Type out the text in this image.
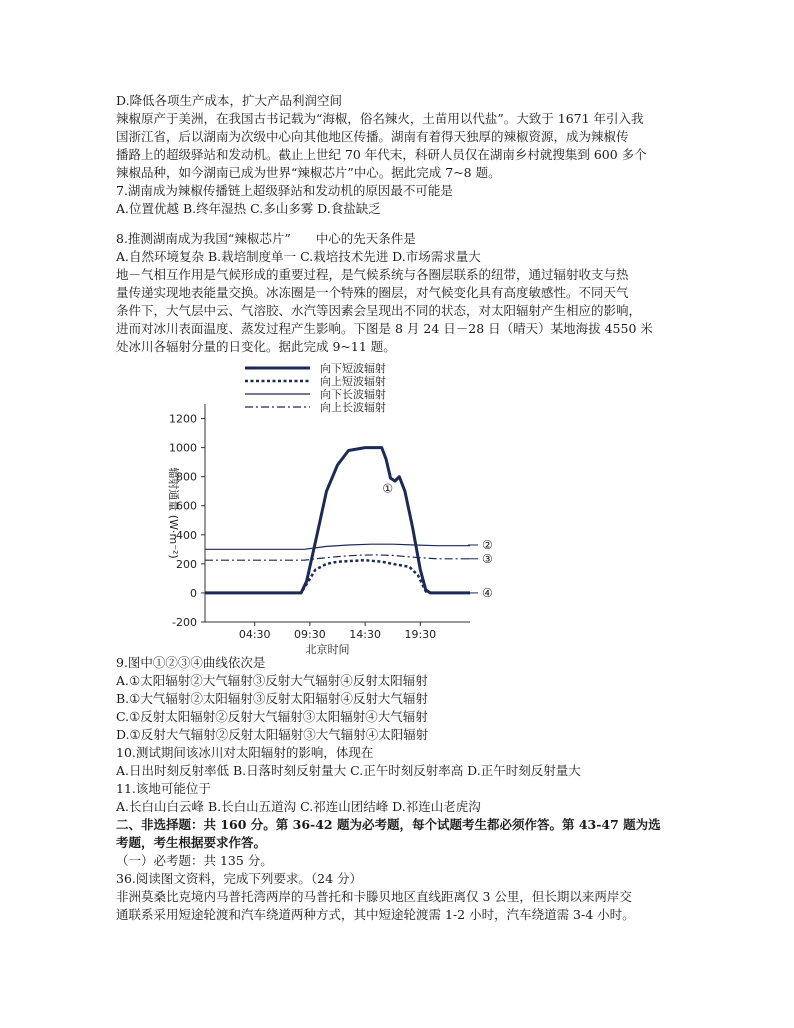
D.降低各项生产成本，扩大产品利润空间
辣椒原产于美洲，在我国古书记载为“海椒，俗名辣火，土苗用以代盐”。大致于 1671 年引入我
国浙江省，后以湖南为次级中心向其他地区传播。湖南有着得天独厚的辣椒资源，成为辣椒传
播路上的超级驿站和发动机。截止上世纪 70 年代末，科研人员仅在湖南乡村就搜集到 600 多个
辣椒品种，如今湖南已成为世界“辣椒芯片”中心。据此完成 7~8 题。
7.湖南成为辣椒传播链上超级驿站和发动机的原因最不可能是
A.位置优越 B.终年湿热 C.多山多雾 D.食盐缺乏
8.推测湖南成为我国“辣椒芯片”　　中心的先天条件是
A.自然环境复杂 B.栽培制度单一 C.栽培技术先进 D.市场需求量大
地－气相互作用是气候形成的重要过程，是气候系统与各圈层联系的纽带，通过辐射收支与热
量传递实现地表能量交换。冰冻圈是一个特殊的圈层，对气候变化具有高度敏感性。不同天气
条件下，大气层中云、气溶胶、水汽等因素会呈现出不同的状态，对太阳辐射产生相应的影响，
进而对冰川表面温度、蒸发过程产生影响。下图是 8 月 24 日－28 日（晴天）某地海拔 4550 米
处冰川各辐射分量的日变化。据此完成 9~11 题。
向下短波辐射
向上短波辐射
向下长波辐射
向上长波辐射
1200
1000
800
600
400
200
0
-200
04:30 09:30 14:30 19:30
①
④
②
③
辐射通量 (W·m⁻²)
北京时间
9.图中①②③④曲线依次是
A.①太阳辐射②大气辐射③反射大气辐射④反射太阳辐射
B.①大气辐射②太阳辐射③反射太阳辐射④反射大气辐射
C.①反射太阳辐射②反射大气辐射③太阳辐射④大气辐射
D.①反射大气辐射②反射太阳辐射③大气辐射④太阳辐射
10.测试期间该冰川对太阳辐射的影响，体现在
A.日出时刻反射率低 B.日落时刻反射量大 C.正午时刻反射率高 D.正午时刻反射量大
11.该地可能位于
A.长白山白云峰 B.长白山五道沟 C.祁连山团结峰 D.祁连山老虎沟
二、非选择题：共 160 分。第 36-42 题为必考题，每个试题考生都必须作答。第 43-47 题为选
考题，考生根据要求作答。
（一）必考题：共 135 分。
36.阅读图文资料，完成下列要求。（24 分）
非洲莫桑比克境内马普托湾两岸的马普托和卡滕贝地区直线距离仅 3 公里，但长期以来两岸交
通联系采用短途轮渡和汽车绕道两种方式，其中短途轮渡需 1-2 小时，汽车绕道需 3-4 小时。
